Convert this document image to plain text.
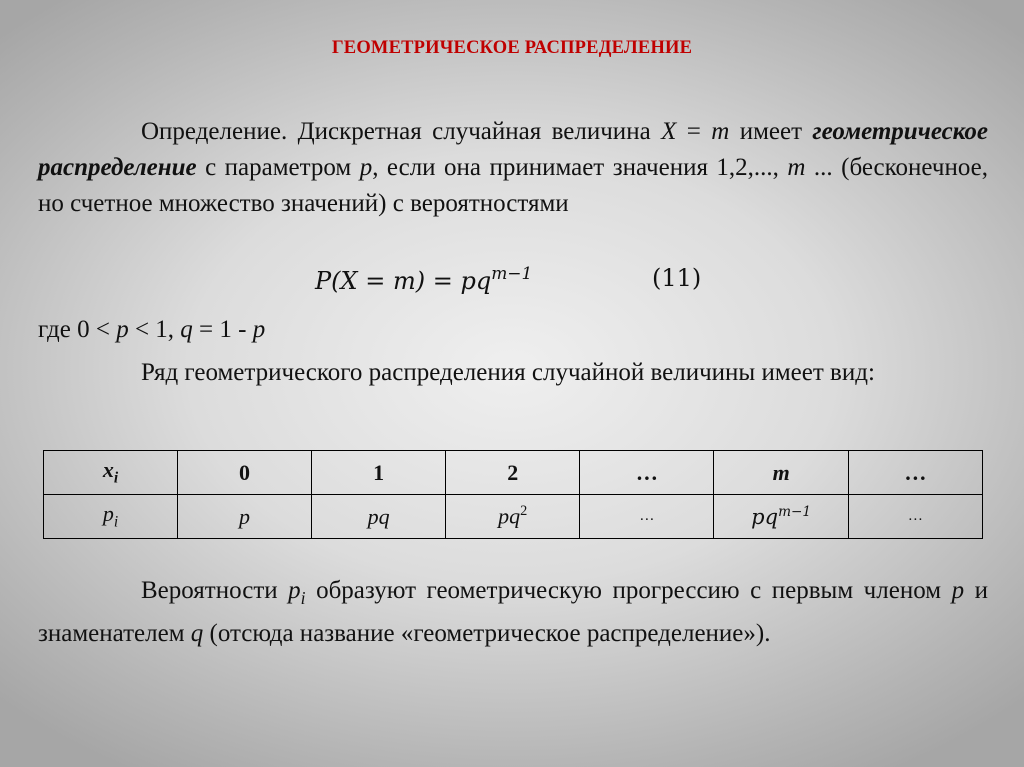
ГЕОМЕТРИЧЕСКОЕ РАСПРЕДЕЛЕНИЕ

Определение. Дискретная случайная величина X = m имеет геометрическое распределение с параметром p, если она принимает значения 1,2,..., m ... (бесконечное, но счетное множество значений) с вероятностями

$P(X = m) = pq^{m-1}$	(11)

где 0 < p < 1, q = 1 - p

Ряд геометрического распределения случайной величины имеет вид:

$x_i$	0	1	2	…	m	…
$p_i$	p	pq	$pq^2$	…	$pq^{m-1}$	…

Вероятности $p_i$ образуют геометрическую прогрессию с первым членом p и знаменателем q (отсюда название «геометрическое распределение»).
